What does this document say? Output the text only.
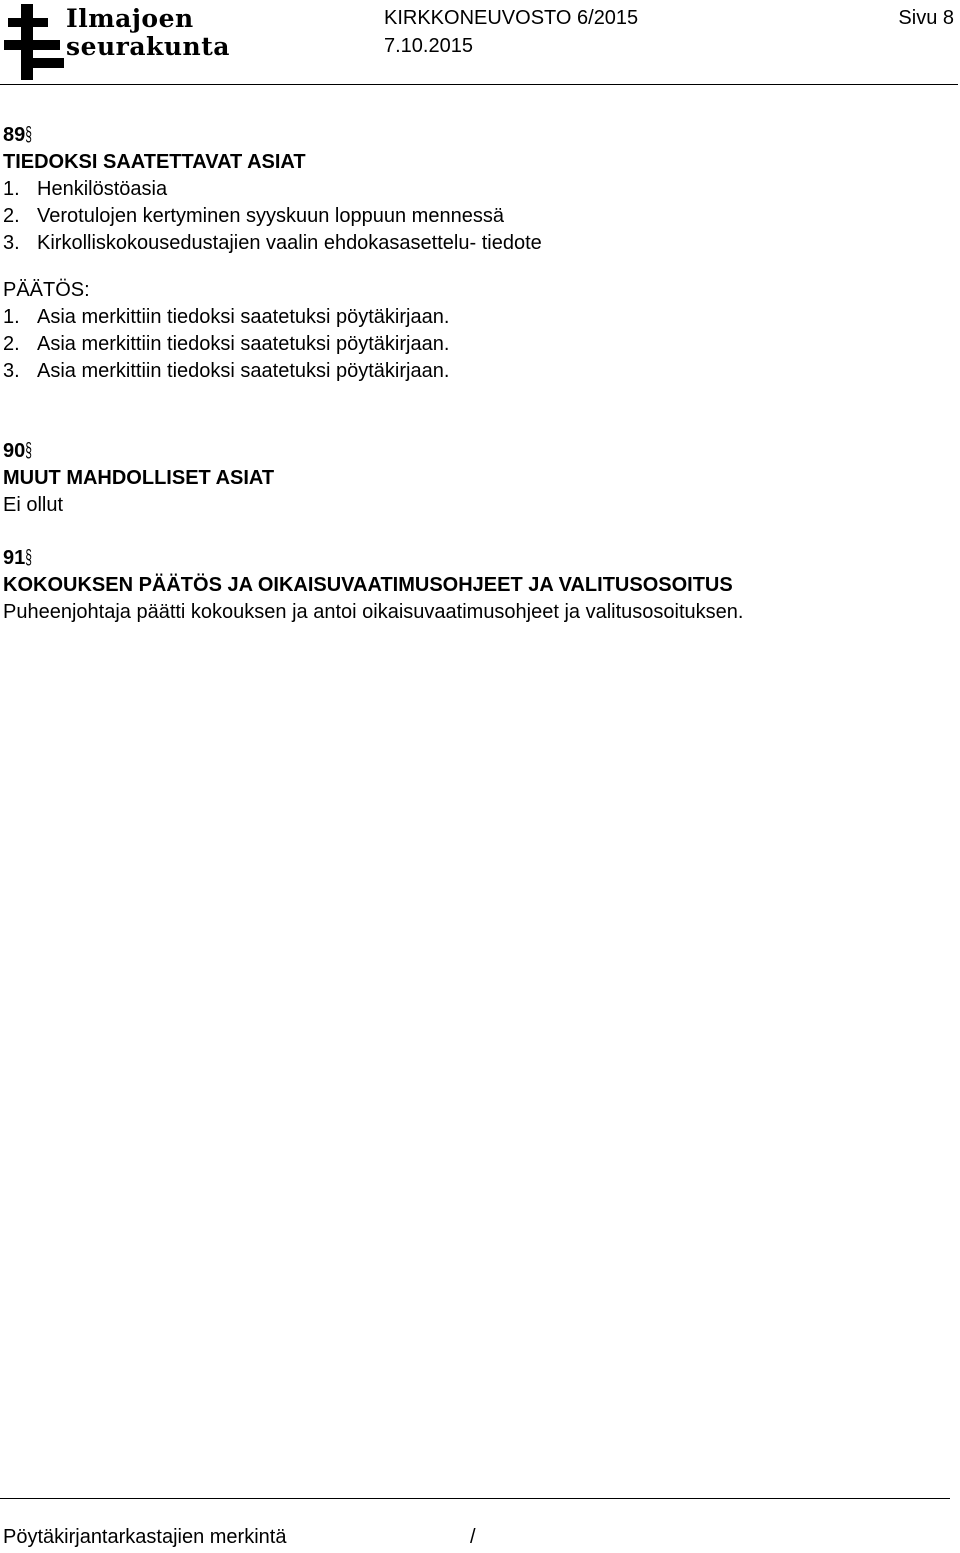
Ilmajoen
seurakunta
KIRKKONEUVOSTO 6/2015
7.10.2015
Sivu 8
89§
TIEDOKSI SAATETTAVAT ASIAT
1. Henkilöstöasia
2. Verotulojen kertyminen syyskuun loppuun mennessä
3. Kirkolliskokousedustajien vaalin ehdokasasettelu- tiedote
PÄÄTÖS:
1. Asia merkittiin tiedoksi saatetuksi pöytäkirjaan.
2. Asia merkittiin tiedoksi saatetuksi pöytäkirjaan.
3. Asia merkittiin tiedoksi saatetuksi pöytäkirjaan.
90§
MUUT MAHDOLLISET ASIAT
Ei ollut
91§
KOKOUKSEN PÄÄTÖS JA OIKAISUVAATIMUSOHJEET JA VALITUSOSOITUS
Puheenjohtaja päätti kokouksen ja antoi oikaisuvaatimusohjeet ja valitusosoituksen.
Pöytäkirjantarkastajien merkintä	/
